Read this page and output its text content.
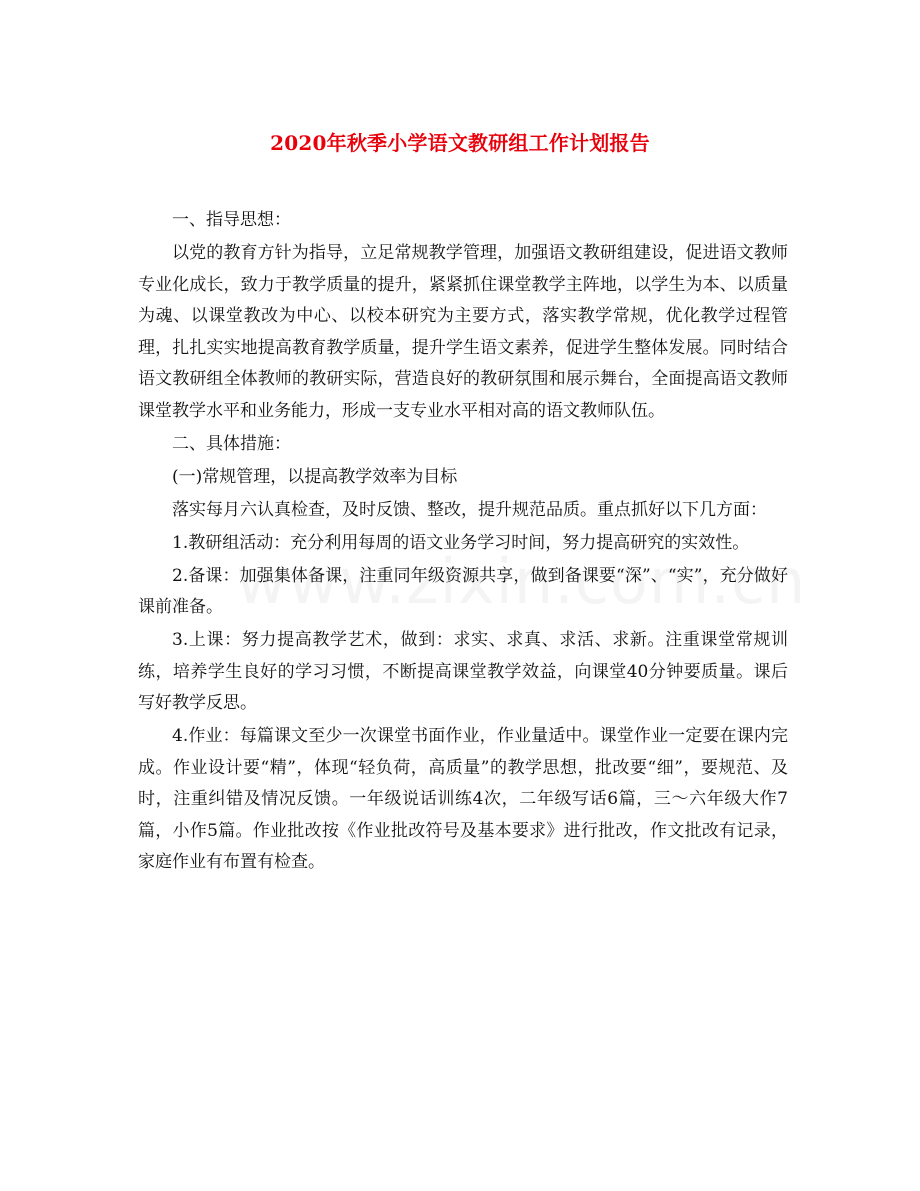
2020年秋季小学语文教研组工作计划报告

一、指导思想：

以党的教育方针为指导，立足常规教学管理，加强语文教研组建设，促进语文教师专业化成长，致力于教学质量的提升，紧紧抓住课堂教学主阵地，以学生为本、以质量为魂、以课堂教改为中心、以校本研究为主要方式，落实教学常规，优化教学过程管理，扎扎实实地提高教育教学质量，提升学生语文素养，促进学生整体发展。同时结合语文教研组全体教师的教研实际，营造良好的教研氛围和展示舞台，全面提高语文教师课堂教学水平和业务能力，形成一支专业水平相对高的语文教师队伍。

二、具体措施：

(一)常规管理，以提高教学效率为目标

落实每月六认真检查，及时反馈、整改，提升规范品质。重点抓好以下几方面：

1.教研组活动：充分利用每周的语文业务学习时间，努力提高研究的实效性。

2.备课：加强集体备课，注重同年级资源共享，做到备课要“深”、“实”，充分做好课前准备。

3.上课：努力提高教学艺术，做到：求实、求真、求活、求新。注重课堂常规训练，培养学生良好的学习习惯，不断提高课堂教学效益，向课堂40分钟要质量。课后写好教学反思。

4.作业：每篇课文至少一次课堂书面作业，作业量适中。课堂作业一定要在课内完成。作业设计要“精”，体现“轻负荷，高质量”的教学思想，批改要“细”，要规范、及时，注重纠错及情况反馈。一年级说话训练4次，二年级写话6篇，三～六年级大作7篇，小作5篇。作业批改按《作业批改符号及基本要求》进行批改，作文批改有记录，家庭作业有布置有检查。
